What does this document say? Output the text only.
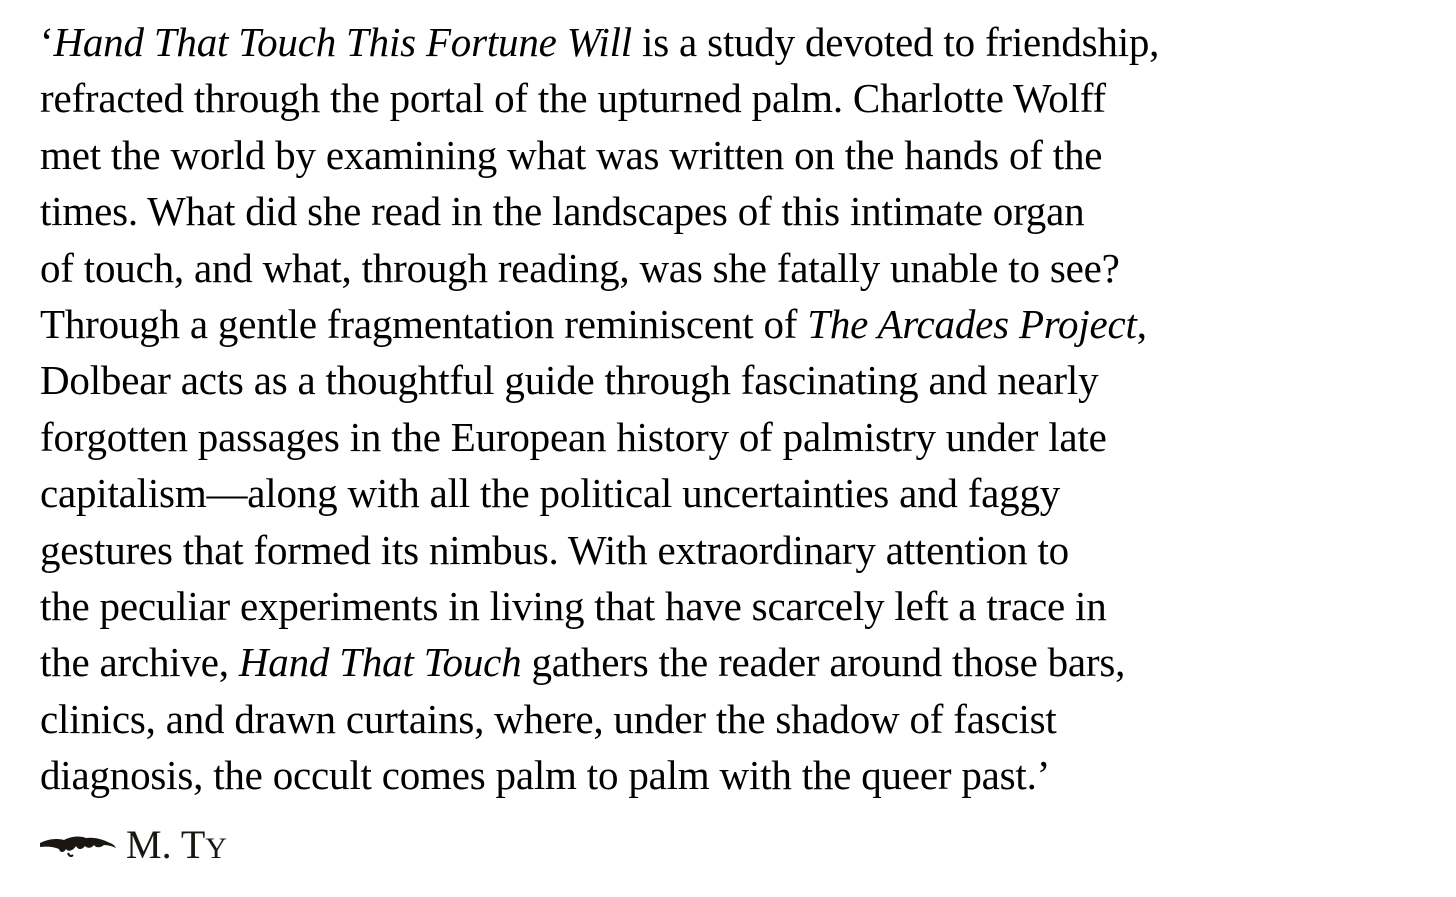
‘Hand That Touch This Fortune Will is a study devoted to friendship,
refracted through the portal of the upturned palm. Charlotte Wolff
met the world by examining what was written on the hands of the
times. What did she read in the landscapes of this intimate organ
of touch, and what, through reading, was she fatally unable to see?
Through a gentle fragmentation reminiscent of The Arcades Project,
Dolbear acts as a thoughtful guide through fascinating and nearly
forgotten passages in the European history of palmistry under late
capitalism—along with all the political uncertainties and faggy
gestures that formed its nimbus. With extraordinary attention to
the peculiar experiments in living that have scarcely left a trace in
the archive, Hand That Touch gathers the reader around those bars,
clinics, and drawn curtains, where, under the shadow of fascist
diagnosis, the occult comes palm to palm with the queer past.’
M. TY
